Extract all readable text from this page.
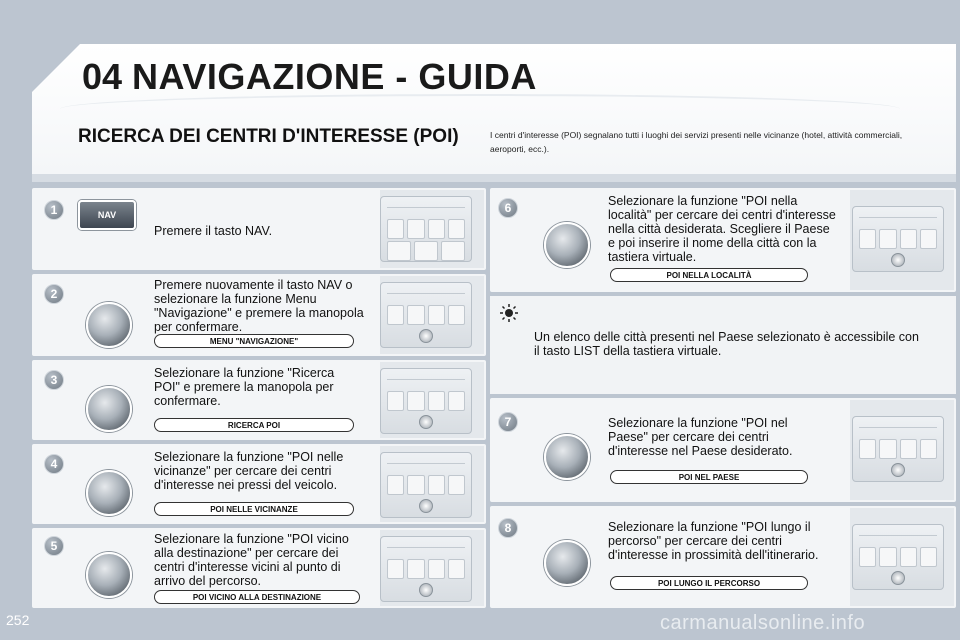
04 NAVIGAZIONE - GUIDA
RICERCA DEI CENTRI D'INTERESSE (POI)	I centri d'interesse (POI) segnalano tutti i luoghi dei servizi presenti nelle vicinanze (hotel, attività commerciali, aeroporti, ecc.).
1	NAV
Premere il tasto NAV.
2
Premere nuovamente il tasto NAV o selezionare la funzione Menu "Navigazione" e premere la manopola per confermare.
MENU "NAVIGAZIONE"
3	Selezionare la funzione "Ricerca POI" e premere la manopola per confermare.
RICERCA POI
4	Selezionare la funzione "POI nelle vicinanze" per cercare dei centri d'interesse nei pressi del veicolo.
POI NELLE VICINANZE
5	Selezionare la funzione "POI vicino alla destinazione" per cercare dei centri d'interesse vicini al punto di arrivo del percorso.
POI VICINO ALLA DESTINAZIONE
6	Selezionare la funzione "POI nella località" per cercare dei centri d'interesse nella città desiderata. Scegliere il Paese e poi inserire il nome della città con la tastiera virtuale.
POI NELLA LOCALITÀ
Un elenco delle città presenti nel Paese selezionato è accessibile con il tasto LIST della tastiera virtuale.
7	Selezionare la funzione "POI nel Paese" per cercare dei centri d'interesse nel Paese desiderato.
POI NEL PAESE
8	Selezionare la funzione "POI lungo il percorso" per cercare dei centri d'interesse in prossimità dell'itinerario.
POI LUNGO IL PERCORSO
252	carmanualsonline.info
